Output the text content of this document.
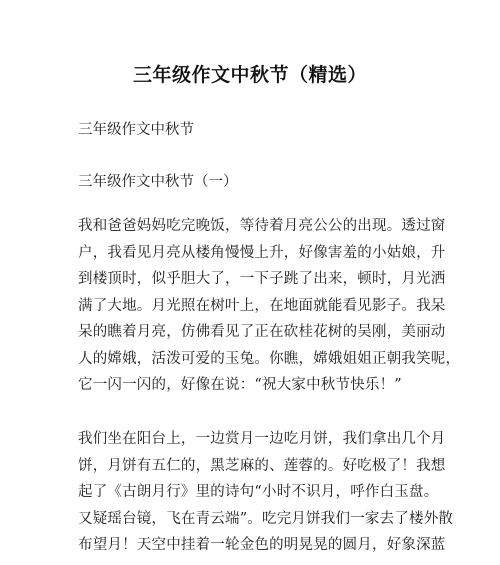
三年级作文中秋节（精选）
三年级作文中秋节
三年级作文中秋节（一）
我和爸爸妈妈吃完晚饭，等待着月亮公公的出现。透过窗
户，我看见月亮从楼角慢慢上升，好像害羞的小姑娘，升
到楼顶时，似乎胆大了，一下子跳了出来，顿时，月光洒
满了大地。月光照在树叶上，在地面就能看见影子。我呆
呆的瞧着月亮，仿佛看见了正在砍桂花树的吴刚，美丽动
人的嫦娥，活泼可爱的玉兔。你瞧，嫦娥姐姐正朝我笑呢，
它一闪一闪的，好像在说：“祝大家中秋节快乐！”
我们坐在阳台上，一边赏月一边吃月饼，我们拿出几个月
饼，月饼有五仁的，黑芝麻的、莲蓉的。好吃极了！我想
起了《古朗月行》里的诗句“小时不识月，呼作白玉盘。
又疑瑶台镜，飞在青云端”。吃完月饼我们一家去了楼外散
布望月！天空中挂着一轮金色的明晃晃的圆月，好象深蓝
